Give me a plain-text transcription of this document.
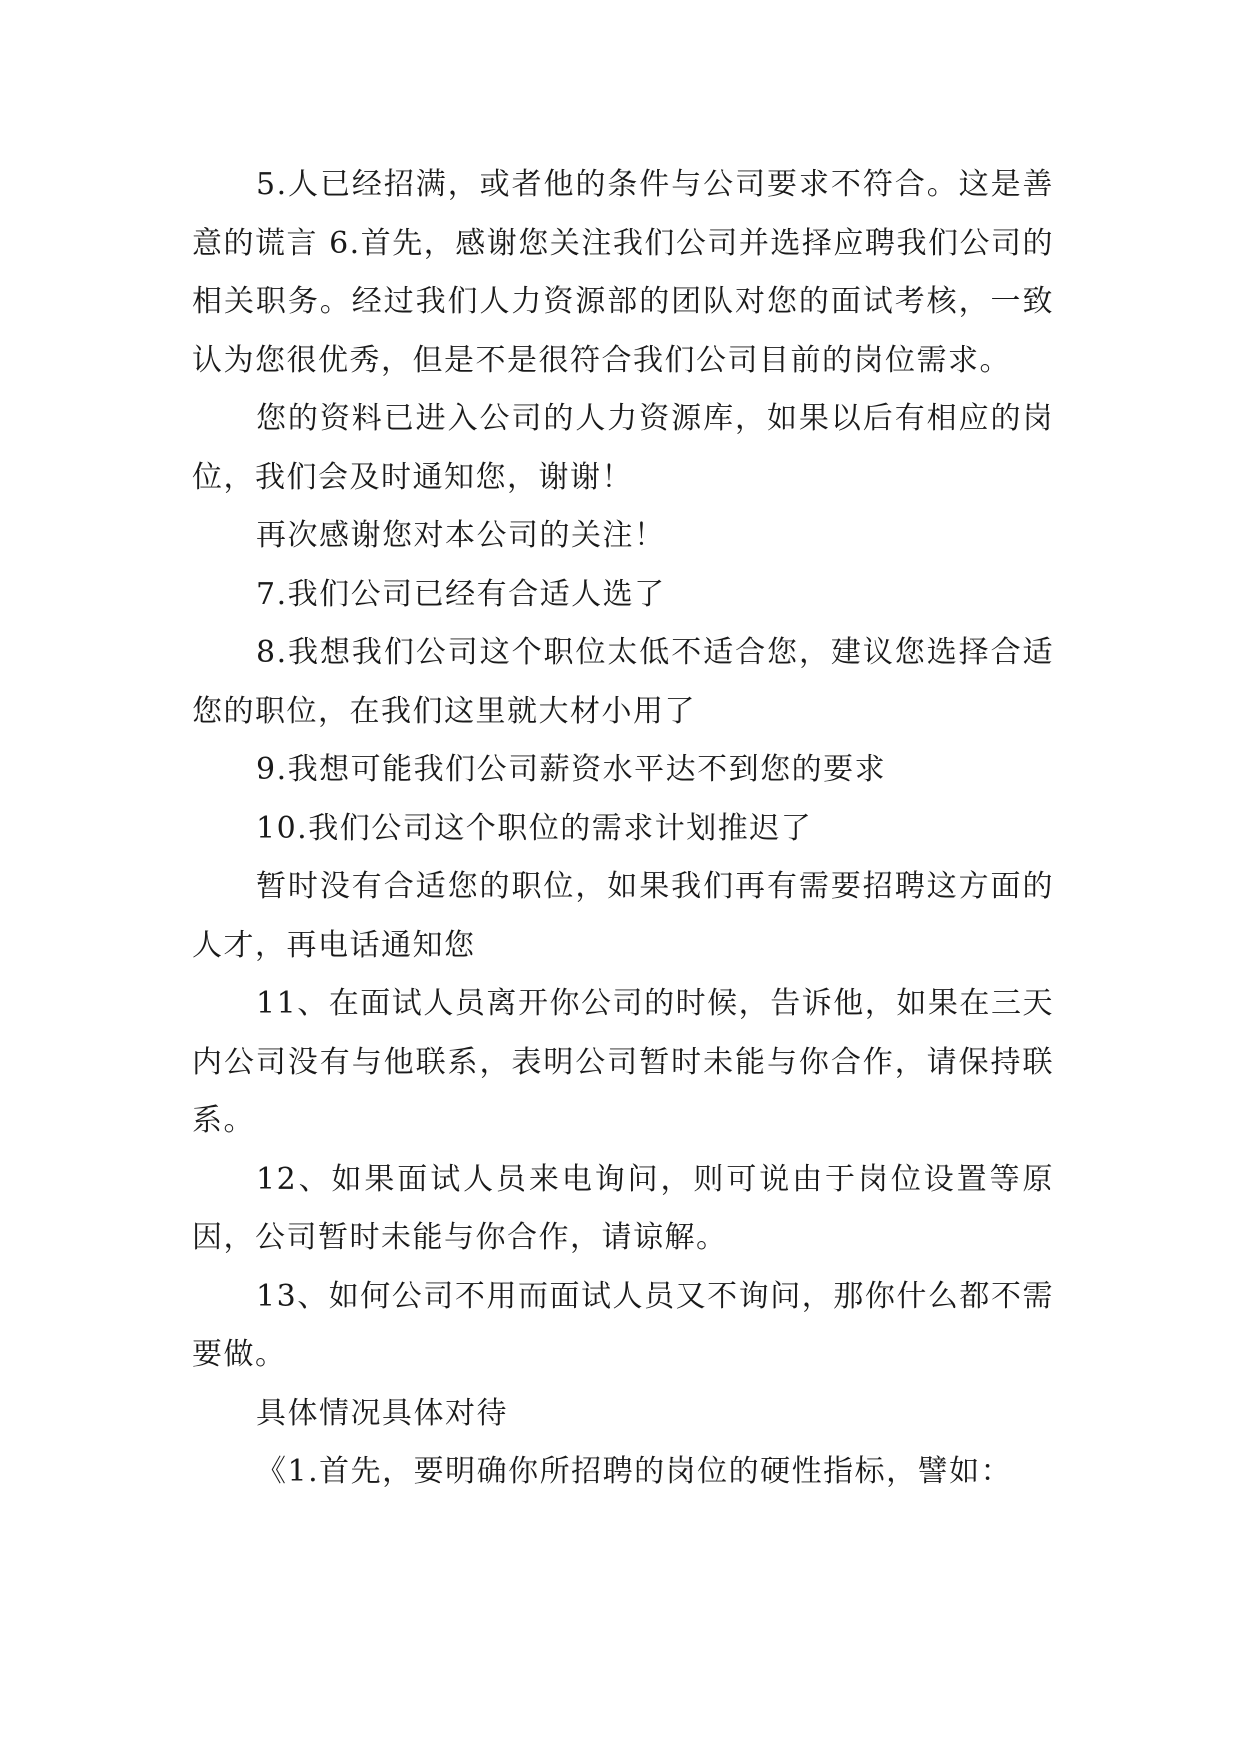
5.人已经招满，或者他的条件与公司要求不符合。这是善意的谎言 6.首先，感谢您关注我们公司并选择应聘我们公司的相关职务。经过我们人力资源部的团队对您的面试考核，一致认为您很优秀，但是不是很符合我们公司目前的岗位需求。

您的资料已进入公司的人力资源库，如果以后有相应的岗位，我们会及时通知您，谢谢！

再次感谢您对本公司的关注！

7.我们公司已经有合适人选了

8.我想我们公司这个职位太低不适合您，建议您选择合适您的职位，在我们这里就大材小用了

9.我想可能我们公司薪资水平达不到您的要求

10.我们公司这个职位的需求计划推迟了

暂时没有合适您的职位，如果我们再有需要招聘这方面的人才，再电话通知您

11、在面试人员离开你公司的时候，告诉他，如果在三天内公司没有与他联系，表明公司暂时未能与你合作，请保持联系。

12、如果面试人员来电询问，则可说由于岗位设置等原因，公司暂时未能与你合作，请谅解。

13、如何公司不用而面试人员又不询问，那你什么都不需要做。

具体情况具体对待

《1.首先，要明确你所招聘的岗位的硬性指标，譬如：
